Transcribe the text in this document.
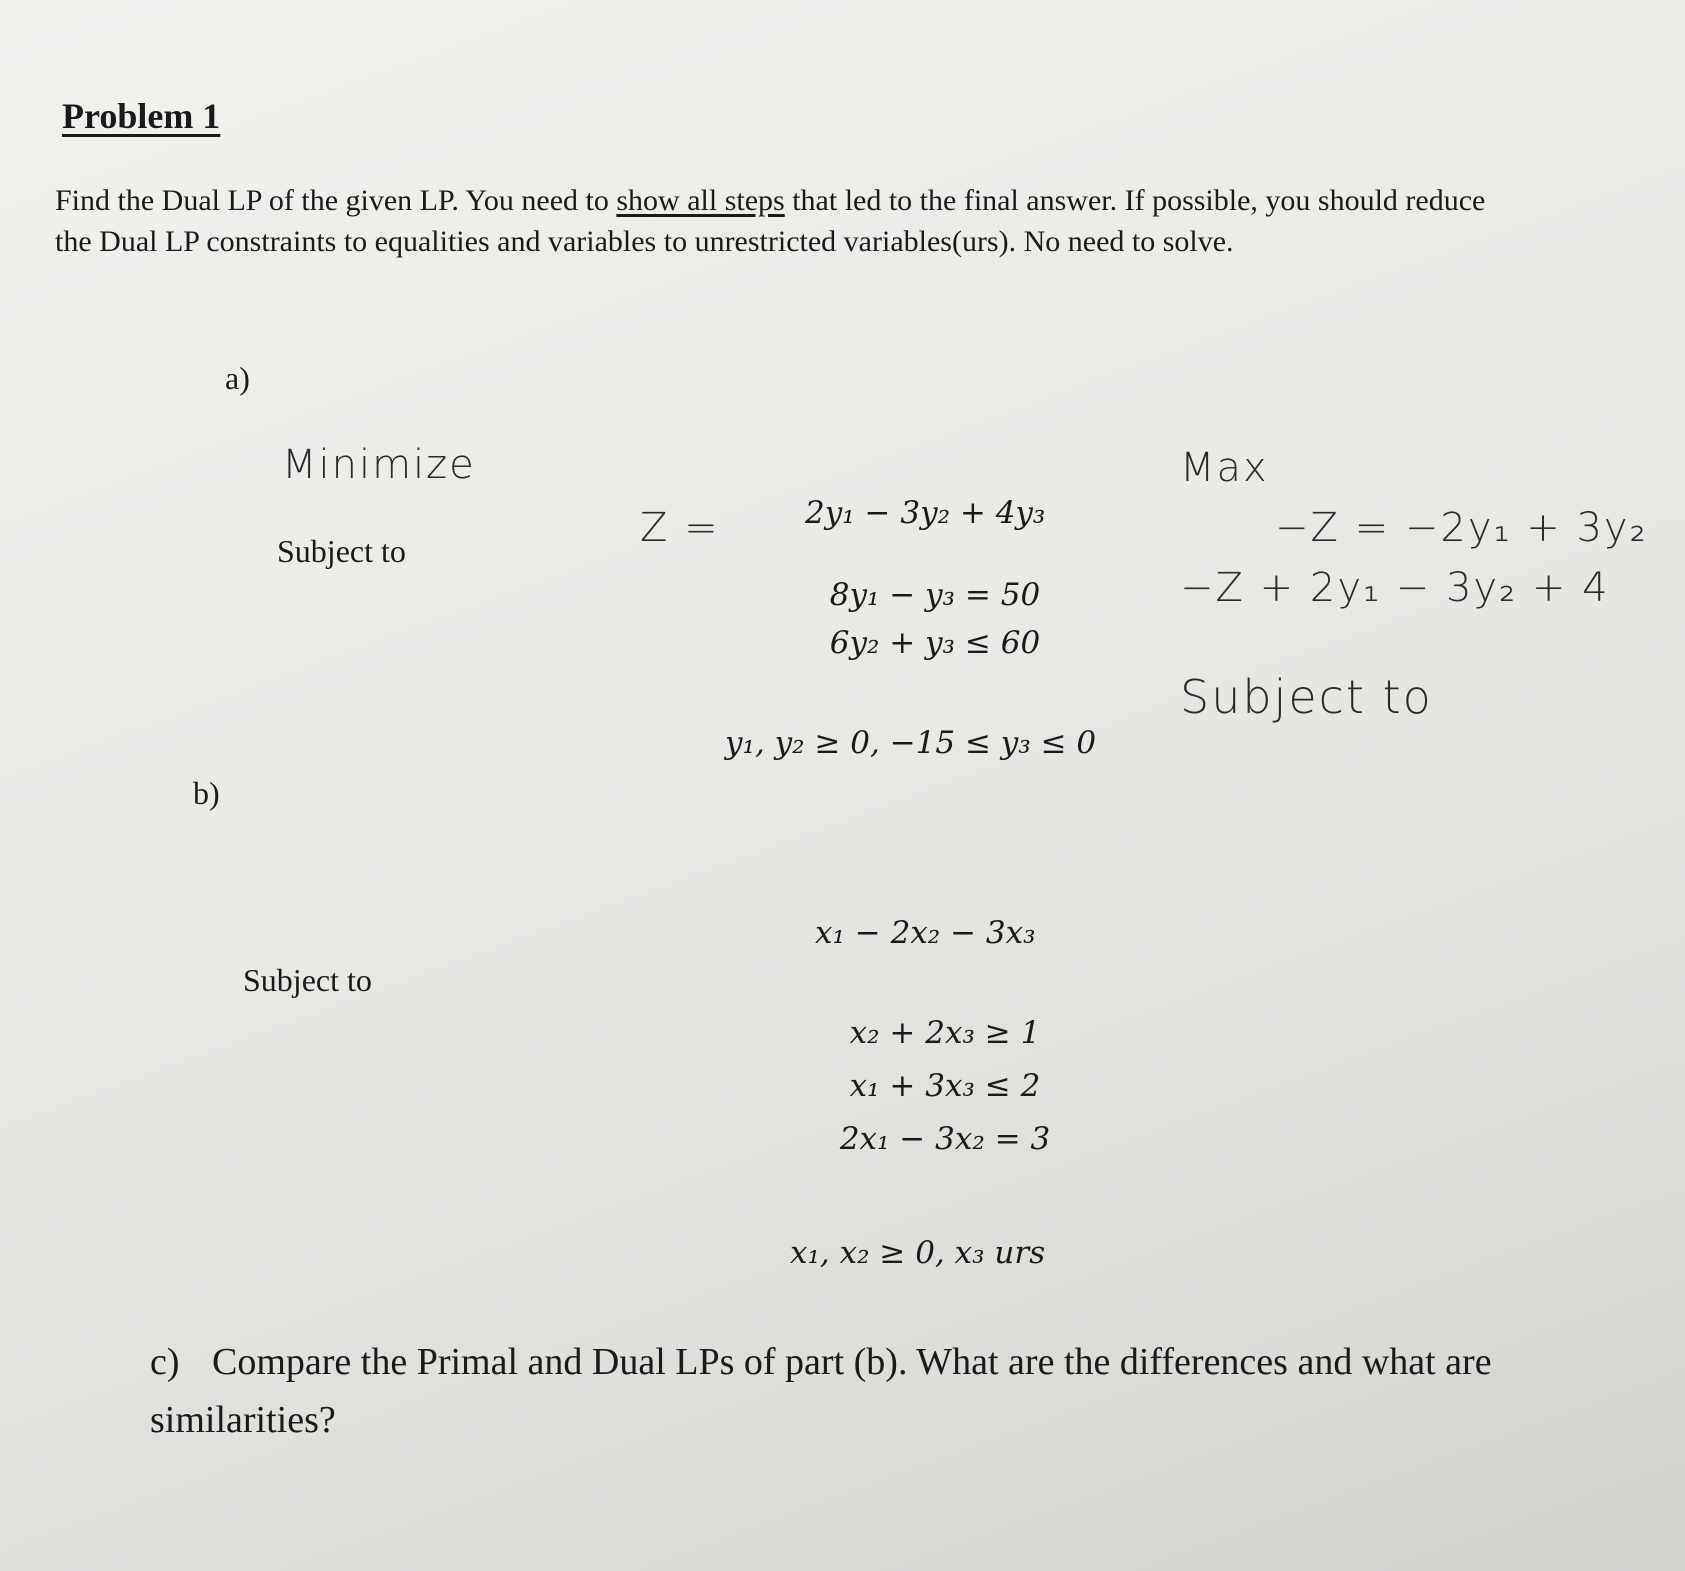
Problem 1
Find the Dual LP of the given LP. You need to show all steps that led to the final answer. If possible, you should reduce the Dual LP constraints to equalities and variables to unrestricted variables(urs). No need to solve.
a)
Minimize
Z =	2y₁ − 3y₂ + 4y₃
Subject to
8y₁ − y₃ = 50
6y₂ + y₃ ≤ 60
y₁, y₂ ≥ 0, −15 ≤ y₃ ≤ 0
Max
−Z = −2y₁ + 3y₂
−Z + 2y₁ − 3y₂ + 4
Subject to
b)
x₁ − 2x₂ − 3x₃
Subject to
x₂ + 2x₃ ≥ 1
x₁ + 3x₃ ≤ 2
2x₁ − 3x₂ = 3
x₁, x₂ ≥ 0, x₃ urs
c) Compare the Primal and Dual LPs of part (b). What are the differences and what are similarities?
